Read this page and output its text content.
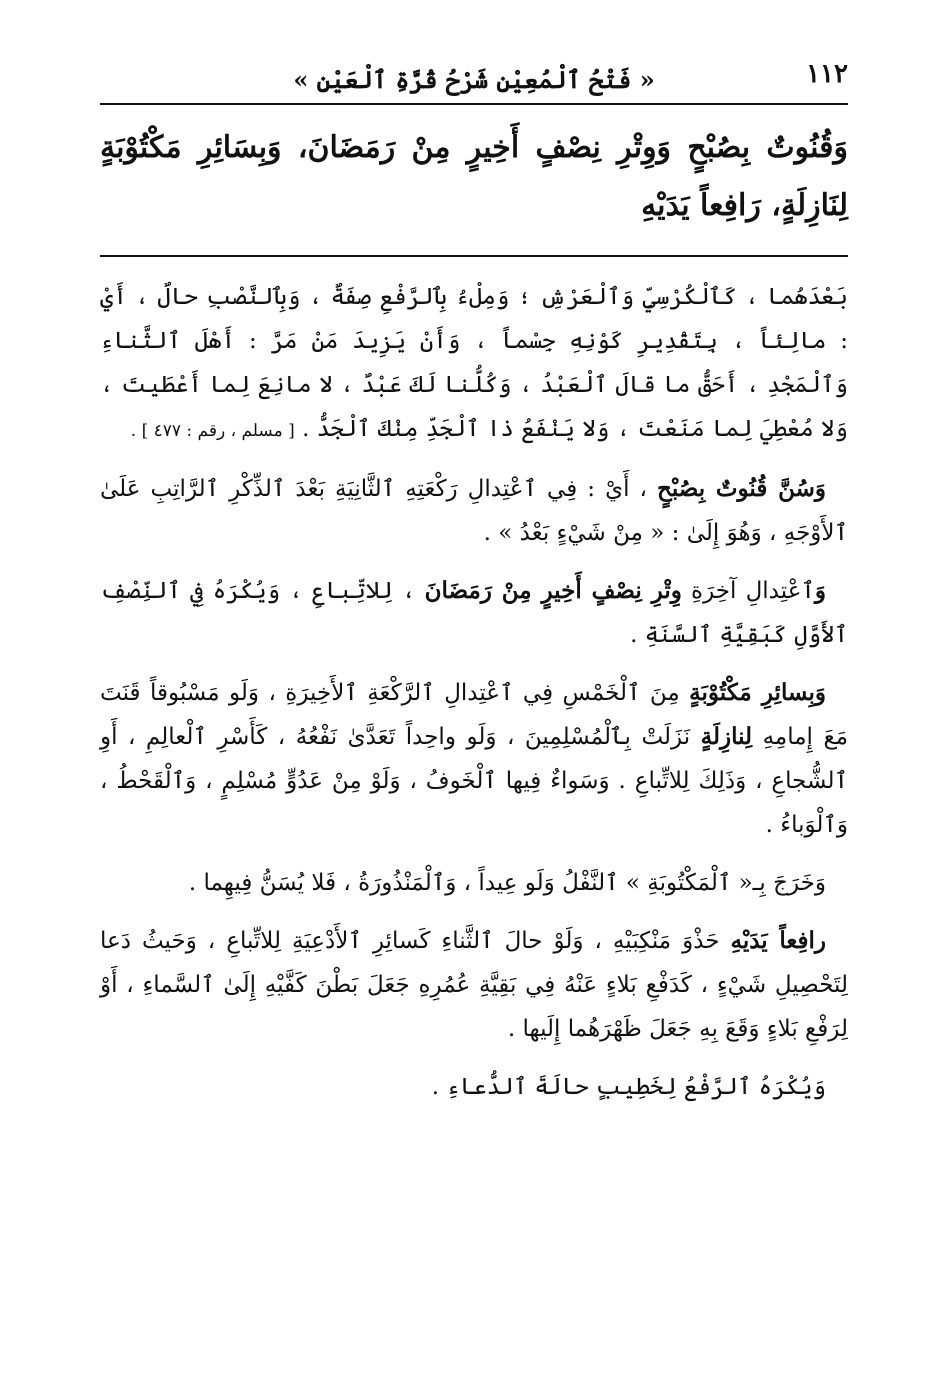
١١٢
« فَتْحُ ٱلْمُعِيْنِ شَرْحُ قُرَّةِ ٱلْعَيْنِ »
وَقُنُوتٌ بِصُبْحٍ وَوِتْرِ نِصْفٍ أَخِيرٍ مِنْ رَمَضَانَ، وَبِسَائِرِ مَكْتُوْبَةٍ لِنَازِلَةٍ، رَافِعاً يَدَيْهِ

بَعْدَهُما ، كَٱلْكُرْسِيِّ وَٱلْعَرْشِ ؛ وَمِلْءُ بِٱلرَّفْعِ صِفَةٌ ، وَبِٱلنَّصْبِ حالٌ ، أَيْ : مالِئاً ، بِتَقْدِيرِ كَوْنِهِ جِسْماً ، وَأَنْ يَزِيدَ مَنْ مَرَّ : أَهْلَ ٱلثَّناءِ وَٱلْمَجْدِ ، أَحَقُّ ما قالَ ٱلْعَبْدُ ، وَكُلُّنا لَكَ عَبْدٌ ، لا مانِعَ لِما أَعْطَيتَ ، وَلا مُعْطِيَ لِما مَنَعْتَ ، وَلا يَنْفَعُ ذا ٱلْجَدِّ مِنْكَ ٱلْجَدُّ . [ مسلم ، رقم : ٤٧٧ ] .

وَسُنَّ قُنُوتٌ بِصُبْحٍ ، أَيْ : فِي ٱعْتِدالِ رَكْعَتِهِ ٱلثَّانِيَةِ بَعْدَ ٱلذِّكْرِ ٱلرَّاتِبِ عَلَىٰ ٱلأَوْجَهِ ، وَهُوَ إِلَىٰ : « مِنْ شَيْءٍ بَعْدُ » .

وَٱعْتِدالِ آخِرَةِ وِتْرِ نِصْفٍ أَخِيرٍ مِنْ رَمَضَانَ ، لِلاتِّباعِ ، وَيُكْرَهُ فِي ٱلنِّصْفِ ٱلأَوَّلِ كَبَقِيَّةِ ٱلسَّنَةِ .

وَبِسائِرِ مَكْتُوْبَةٍ مِنَ ٱلْخَمْسِ فِي ٱعْتِدالِ ٱلرَّكْعَةِ ٱلأَخِيرَةِ ، وَلَو مَسْبُوقاً قَنَتَ مَعَ إِمامِهِ لِنازِلَةٍ نَزَلَتْ بِٱلْمُسْلِمِينَ ، وَلَو واحِداً تَعَدَّىٰ نَفْعُهُ ، كَأَسْرِ ٱلْعالِمِ ، أَوِ ٱلشُّجاعِ ، وَذَلِكَ لِلاتِّباعِ . وَسَواءٌ فِيها ٱلْخَوفُ ، وَلَوْ مِنْ عَدُوٍّ مُسْلِمٍ ، وَٱلْقَحْطُ ، وَٱلْوَباءُ .

وَخَرَجَ بِـ« ٱلْمَكْتُوبَةِ » ٱلنَّفْلُ وَلَو عِيداً ، وَٱلْمَنْذُورَةُ ، فَلا يُسَنُّ فِيهِما .

رافِعاً يَدَيْهِ حَذْوَ مَنْكِبَيْهِ ، وَلَوْ حالَ ٱلثَّناءِ كَسائِرِ ٱلأَدْعِيَةِ لِلاتِّباعِ ، وَحَيثُ دَعا لِتَحْصِيلِ شَيْءٍ ، كَدَفْعِ بَلاءٍ عَنْهُ فِي بَقِيَّةِ عُمُرِهِ جَعَلَ بَطْنَ كَفَّيْهِ إِلَىٰ ٱلسَّماءِ ، أَوْ لِرَفْعِ بَلاءٍ وَقَعَ بِهِ جَعَلَ ظَهْرَهُما إِلَيها .

وَيُكْرَهُ ٱلرَّفْعُ لِخَطِيبٍ حالَةَ ٱلدُّعاءِ .
